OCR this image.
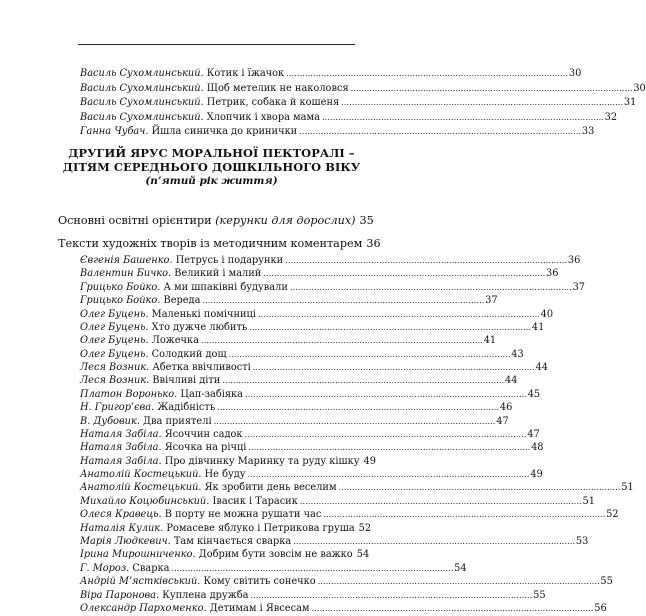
Василь Сухомлинський. Котик і їжачок . . .	30
Василь Сухомлинський. Щоб метелик не наколовся . . .	30
Василь Сухомлинський. Петрик, собака й кошеня . . .	31
Василь Сухомлинський. Хлопчик і хвора мама . . .	32
Ганна Чубач. Йшла синичка до кринички . . .	33
ДРУГИЙ ЯРУС МОРАЛЬНОЇ ПЕКТОРАЛІ –
ДІТЯМ СЕРЕДНЬОГО ДОШКІЛЬНОГО ВІКУ
(п’ятий рік життя)
Основні освітні орієнтири (керунки для дорослих) 35
Тексти художніх творів із методичним коментарем 36
Євгенія Башенко. Петрусь і подарунки . . .	36
Валентин Бичко. Великий і малий . . .	36
Грицько Бойко. А ми шпаківні будували . . .	37
Грицько Бойко. Вереда . . .	37
Олег Буцень. Маленькі помічниці . . .	40
Олег Буцень. Хто дужче любить . . .	41
Олег Буцень. Ложечка . . .	41
Олег Буцень. Солодкий дощ . . .	43
Леся Возник. Абетка ввічливості . . .	44
Леся Возник. Ввічливі діти . . .	44
Платон Воронько. Цап-забіяка . . .	45
Н. Григор’єва. Жадібність . . .	46
В. Дубовик. Два приятелі . . .	47
Наталя Забіла. Ясоччин садок . . .	47
Наталя Забіла. Ясочка на річці . . .	48
Наталя Забіла. Про дівчинку Маринку та руду кішку 49
Анатолій Костецький. Не буду . . .	49
Анатолій Костецький. Як зробити день веселим . . .	51
Михайло Коцюбинський. Івасик і Тарасик . . .	51
Олеся Кравець. В порту не можна рушати час . . .	52
Наталія Кулик. Ромасеве яблуко і Петрикова груша 52
Марія Людкевич. Там кінчається сварка . . .	53
Ірина Мирошниченко. Добрим бути зовсім не важко 54
Г. Мороз. Сварка . . .	54
Андрій М’ястківський. Кому світить сонечко . . .	55
Віра Паронова. Куплена дружба . . .	55
Олександр Пархоменко. Детимам і Явсесам . . .	56
